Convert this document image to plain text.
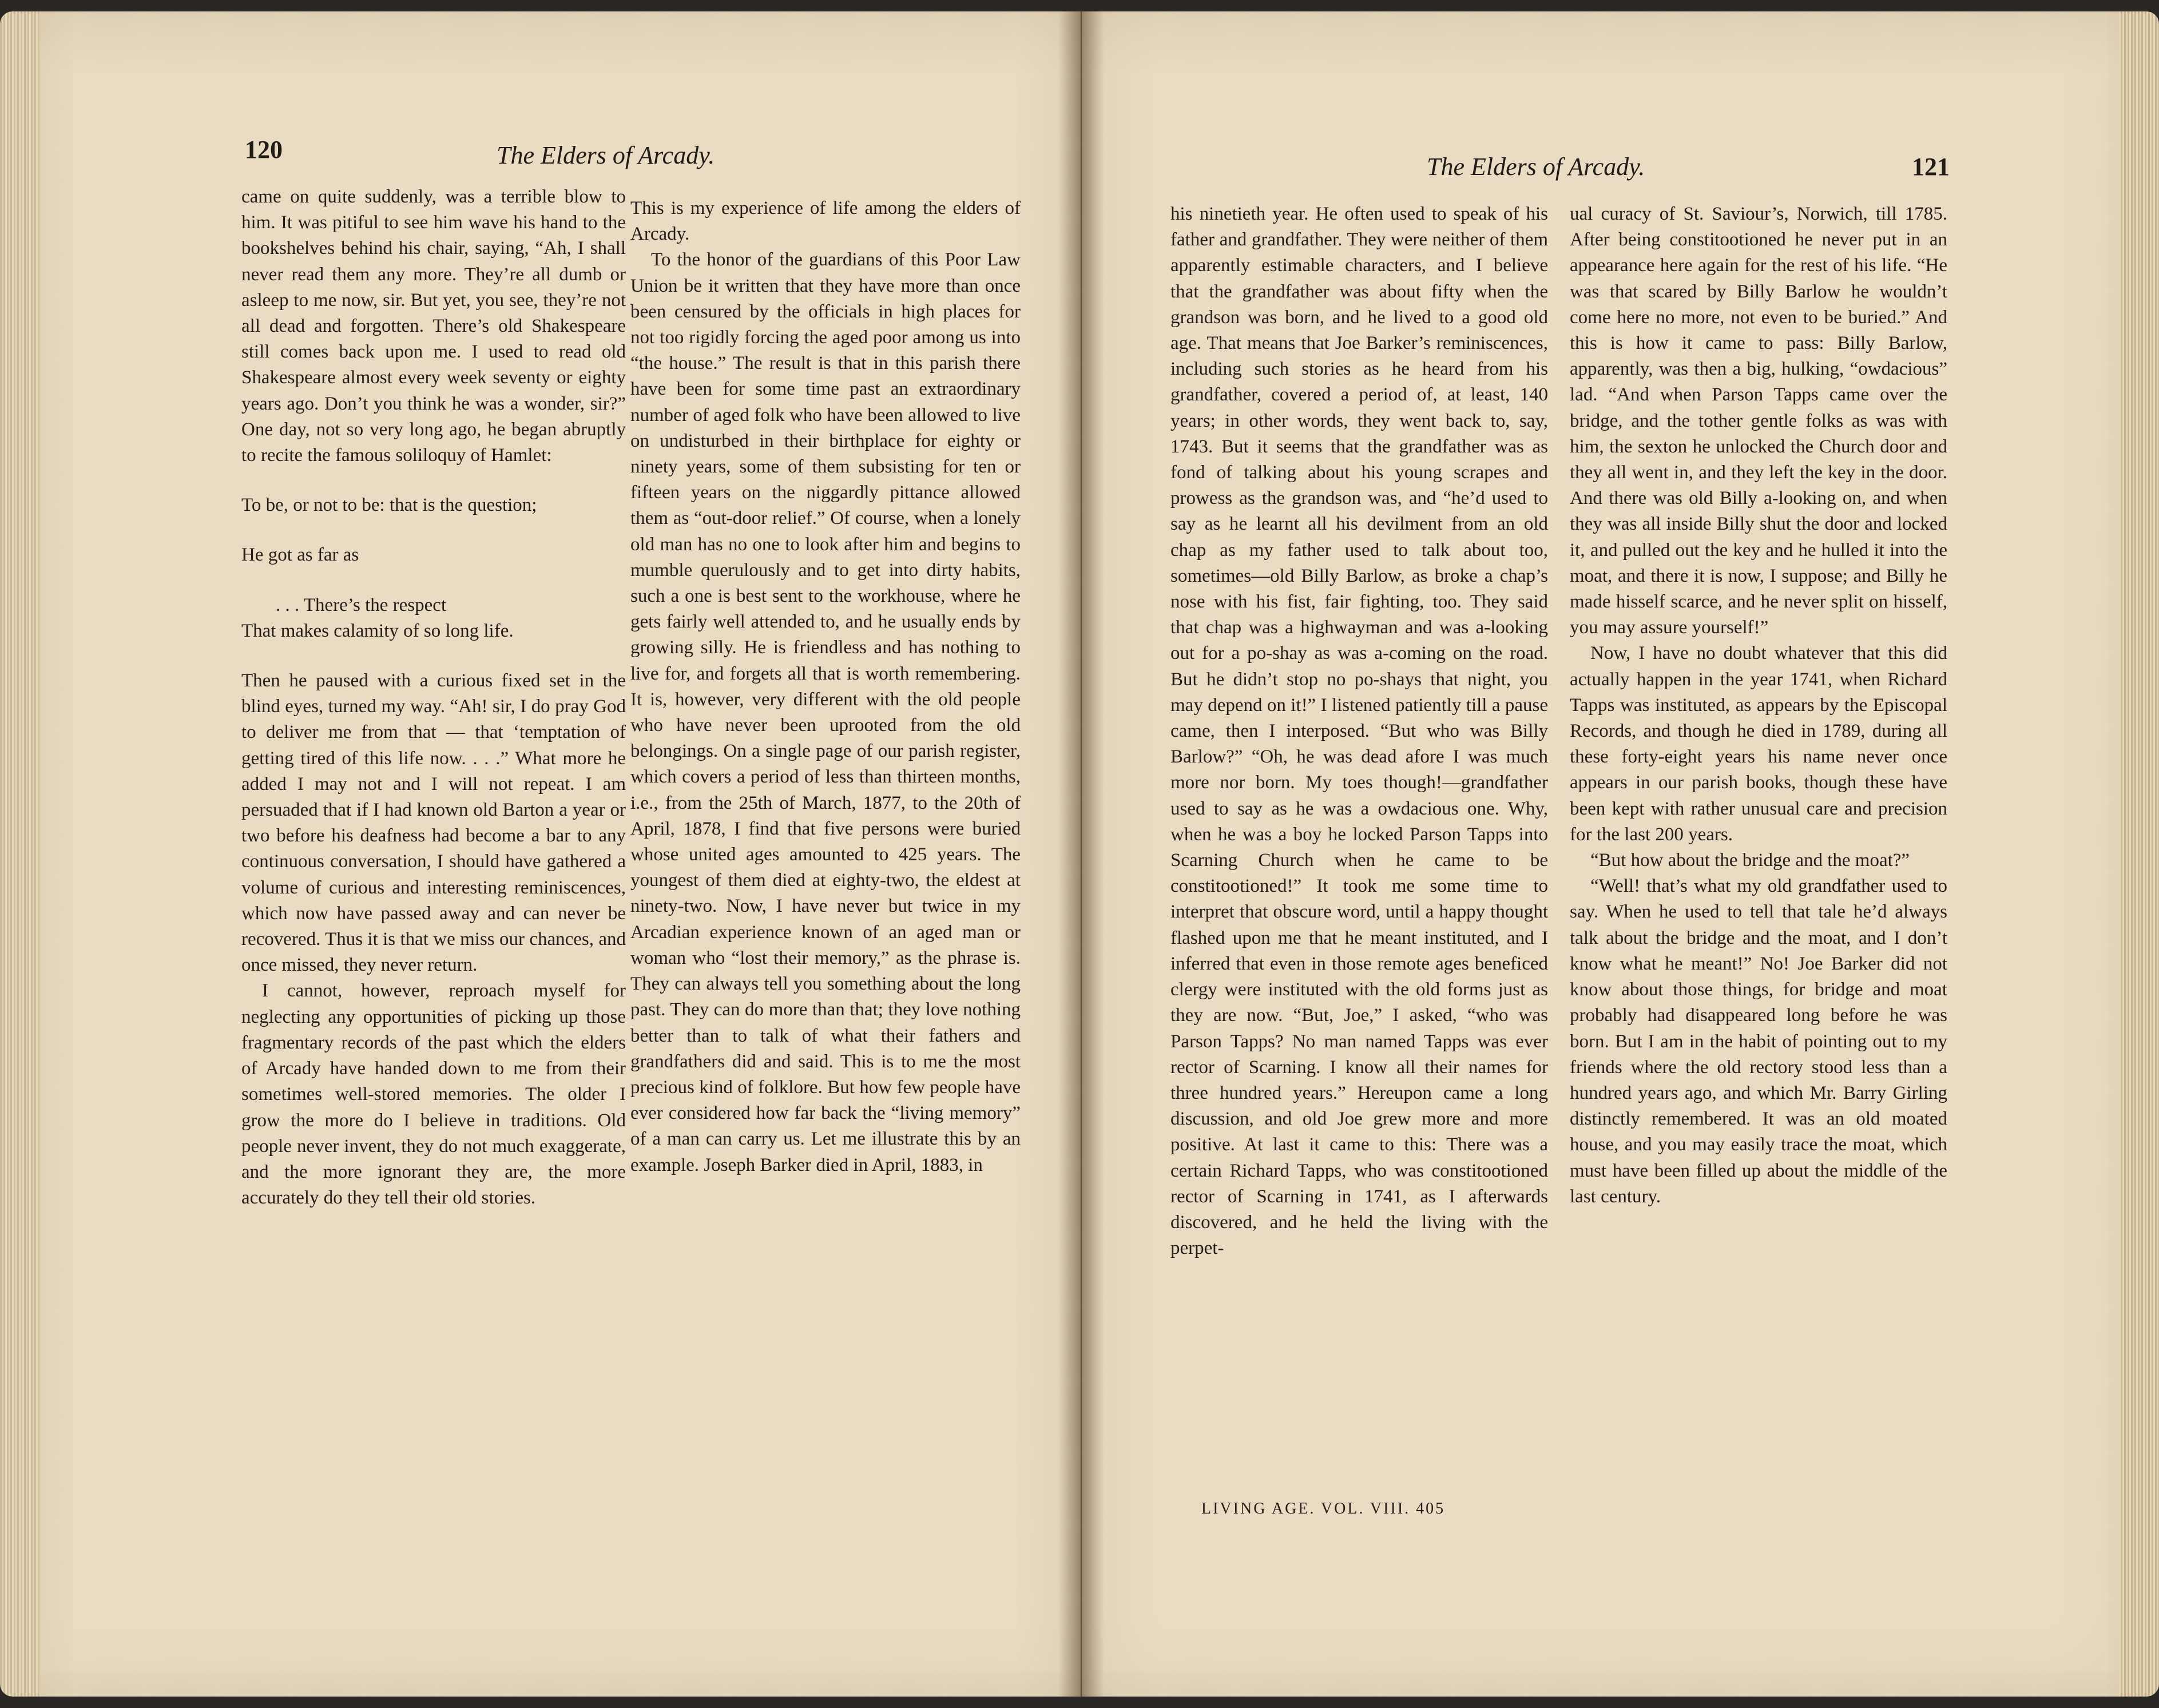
120	The Elders of Arcady.

came on quite suddenly, was a terrible blow to him. It was pitiful to see him wave his hand to the bookshelves behind his chair, saying, “Ah, I shall never read them any more. They’re all dumb or asleep to me now, sir. But yet, you see, they’re not all dead and forgotten. There’s old Shakespeare still comes back upon me. I used to read old Shakespeare almost every week seventy or eighty years ago. Don’t you think he was a wonder, sir?” One day, not so very long ago, he began abruptly to recite the famous soliloquy of Hamlet:

To be, or not to be: that is the question;

He got as far as

. . . There’s the respect

That makes calamity of so long life.

Then he paused with a curious fixed set in the blind eyes, turned my way. “Ah! sir, I do pray God to deliver me from that — that ‘temptation of getting tired of this life now. . . .” What more he added I may not and I will not repeat. I am persuaded that if I had known old Barton a year or two before his deafness had become a bar to any continuous conversation, I should have gathered a volume of curious and interesting reminiscences, which now have passed away and can never be recovered. Thus it is that we miss our chances, and once missed, they never return.

I cannot, however, reproach myself for neglecting any opportunities of picking up those fragmentary records of the past which the elders of Arcady have handed down to me from their sometimes well-stored memories. The older I grow the more do I believe in traditions. Old people never invent, they do not much exaggerate, and the more ignorant they are, the more accurately do they tell their old stories.

This is my experience of life among the elders of Arcady.

To the honor of the guardians of this Poor Law Union be it written that they have more than once been censured by the officials in high places for not too rigidly forcing the aged poor among us into “the house.” The result is that in this parish there have been for some time past an extraordinary number of aged folk who have been allowed to live on undisturbed in their birthplace for eighty or ninety years, some of them subsisting for ten or fifteen years on the niggardly pittance allowed them as “out-door relief.” Of course, when a lonely old man has no one to look after him and begins to mumble querulously and to get into dirty habits, such a one is best sent to the workhouse, where he gets fairly well attended to, and he usually ends by growing silly. He is friendless and has nothing to live for, and forgets all that is worth remembering. It is, however, very different with the old people who have never been uprooted from the old belongings. On a single page of our parish register, which covers a period of less than thirteen months, i.e., from the 25th of March, 1877, to the 20th of April, 1878, I find that five persons were buried whose united ages amounted to 425 years. The youngest of them died at eighty-two, the eldest at ninety-two. Now, I have never but twice in my Arcadian experience known of an aged man or woman who “lost their memory,” as the phrase is. They can always tell you something about the long past. They can do more than that; they love nothing better than to talk of what their fathers and grandfathers did and said. This is to me the most precious kind of folklore. But how few people have ever considered how far back the “living memory” of a man can carry us. Let me illustrate this by an example. Joseph Barker died in April, 1883, in

The Elders of Arcady.	121

his ninetieth year. He often used to speak of his father and grandfather. They were neither of them apparently estimable characters, and I believe that the grandfather was about fifty when the grandson was born, and he lived to a good old age. That means that Joe Barker’s reminiscences, including such stories as he heard from his grandfather, covered a period of, at least, 140 years; in other words, they went back to, say, 1743. But it seems that the grandfather was as fond of talking about his young scrapes and prowess as the grandson was, and “he’d used to say as he learnt all his devilment from an old chap as my father used to talk about too, sometimes—old Billy Barlow, as broke a chap’s nose with his fist, fair fighting, too. They said that chap was a highwayman and was a-looking out for a po-shay as was a-coming on the road. But he didn’t stop no po-shays that night, you may depend on it!” I listened patiently till a pause came, then I interposed. “But who was Billy Barlow?” “Oh, he was dead afore I was much more nor born. My toes though!—grandfather used to say as he was a owdacious one. Why, when he was a boy he locked Parson Tapps into Scarning Church when he came to be constitootioned!” It took me some time to interpret that obscure word, until a happy thought flashed upon me that he meant instituted, and I inferred that even in those remote ages beneficed clergy were instituted with the old forms just as they are now. “But, Joe,” I asked, “who was Parson Tapps? No man named Tapps was ever rector of Scarning. I know all their names for three hundred years.” Hereupon came a long discussion, and old Joe grew more and more positive. At last it came to this: There was a certain Richard Tapps, who was constitootioned rector of Scarning in 1741, as I afterwards discovered, and he held the living with the perpet-

ual curacy of St. Saviour’s, Norwich, till 1785. After being constitootioned he never put in an appearance here again for the rest of his life. “He was that scared by Billy Barlow he wouldn’t come here no more, not even to be buried.” And this is how it came to pass: Billy Barlow, apparently, was then a big, hulking, “owdacious” lad. “And when Parson Tapps came over the bridge, and the tother gentle folks as was with him, the sexton he unlocked the Church door and they all went in, and they left the key in the door. And there was old Billy a-looking on, and when they was all inside Billy shut the door and locked it, and pulled out the key and he hulled it into the moat, and there it is now, I suppose; and Billy he made hisself scarce, and he never split on hisself, you may assure yourself!”

Now, I have no doubt whatever that this did actually happen in the year 1741, when Richard Tapps was instituted, as appears by the Episcopal Records, and though he died in 1789, during all these forty-eight years his name never once appears in our parish books, though these have been kept with rather unusual care and precision for the last 200 years.

“But how about the bridge and the moat?”

“Well! that’s what my old grandfather used to say. When he used to tell that tale he’d always talk about the bridge and the moat, and I don’t know what he meant!” No! Joe Barker did not know about those things, for bridge and moat probably had disappeared long before he was born. But I am in the habit of pointing out to my friends where the old rectory stood less than a hundred years ago, and which Mr. Barry Girling distinctly remembered. It was an old moated house, and you may easily trace the moat, which must have been filled up about the middle of the last century.

LIVING AGE. VOL. VIII. 405
